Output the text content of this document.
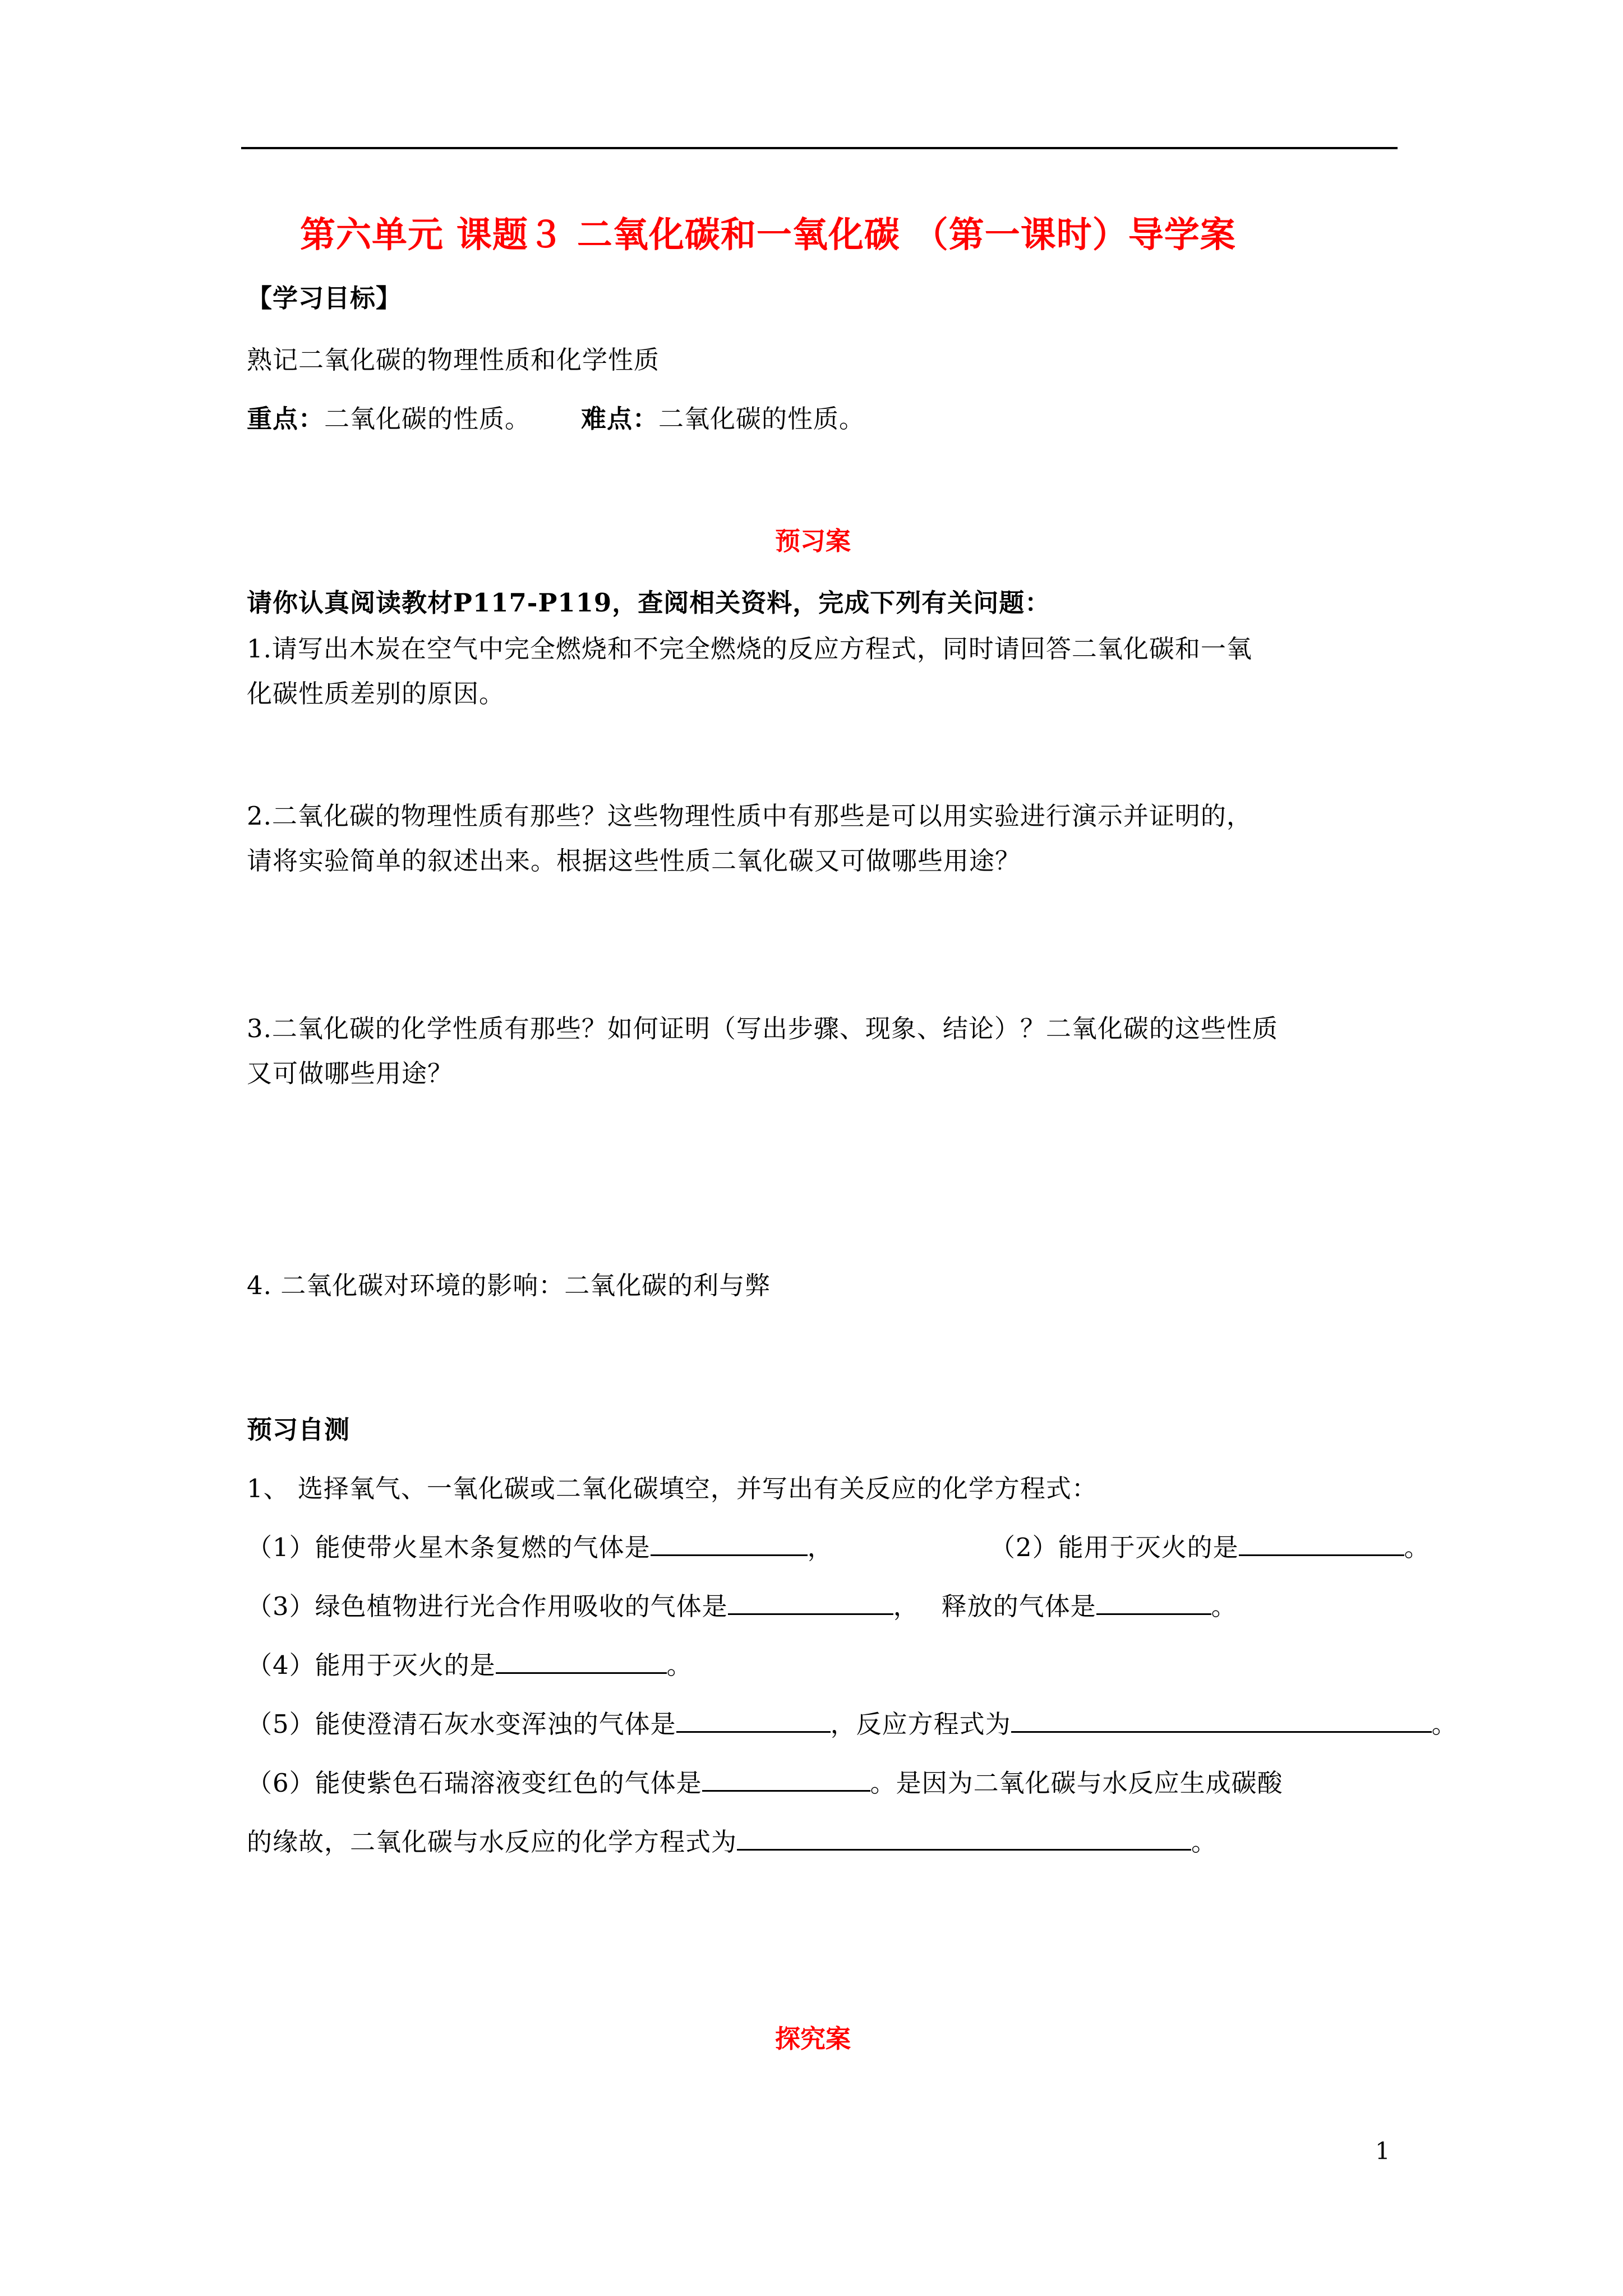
第六单元 课题３ 二氧化碳和一氧化碳 （第一课时）导学案
【学习目标】
熟记二氧化碳的物理性质和化学性质
重点：二氧化碳的性质。 难点：二氧化碳的性质。
预习案
请你认真阅读教材P117-P119，查阅相关资料，完成下列有关问题：
1.请写出木炭在空气中完全燃烧和不完全燃烧的反应方程式，同时请回答二氧化碳和一氧
化碳性质差别的原因。
2.二氧化碳的物理性质有那些？这些物理性质中有那些是可以用实验进行演示并证明的，
请将实验简单的叙述出来。根据这些性质二氧化碳又可做哪些用途？
3.二氧化碳的化学性质有那些？如何证明（写出步骤、现象、结论）？二氧化碳的这些性质
又可做哪些用途？
4. 二氧化碳对环境的影响：二氧化碳的利与弊
预习自测
1、 选择氧气、一氧化碳或二氧化碳填空，并写出有关反应的化学方程式：
（1）能使带火星木条复燃的气体是	，	（2）能用于灭火的是	。
（3）绿色植物进行光合作用吸收的气体是	， 释放的气体是	。
（4）能用于灭火的是	。
（5）能使澄清石灰水变浑浊的气体是	，反应方程式为	。
（6）能使紫色石瑞溶液变红色的气体是	。是因为二氧化碳与水反应生成碳酸
的缘故，二氧化碳与水反应的化学方程式为	。
探究案
1
